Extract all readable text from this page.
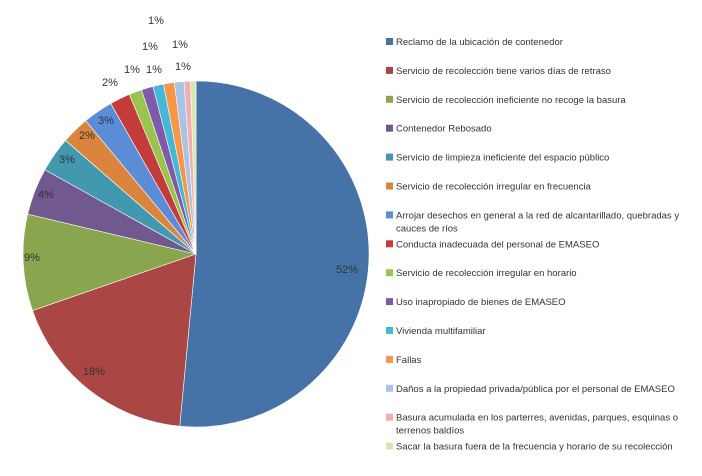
52%
18%
9%
4%
3%
2%
3%
2%
1%
1%
1%
1%
1%
1%
Reclamo de la ubicación de contenedor
Servicio de recolección tiene varios días de retraso
Servicio de recolección ineficiente no recoge la basura
Contenedor Rebosado
Servicio de limpieza ineficiente del espacio público
Servicio de recolección irregular en frecuencia
Arrojar desechos en general a la red de alcantarillado, quebradas y
cauces de ríos
Conducta inadecuada del personal de EMASEO
Servicio de recolección irregular en horario
Uso inapropiado de bienes de EMASEO
Vivienda multifamiliar
Fallas
Daños a la propiedad privada/pública por el personal de EMASEO
Basura acumulada en los parterres, avenidas, parques, esquinas o
terrenos baldíos
Sacar la basura fuera de la frecuencia y horario de su recolección
